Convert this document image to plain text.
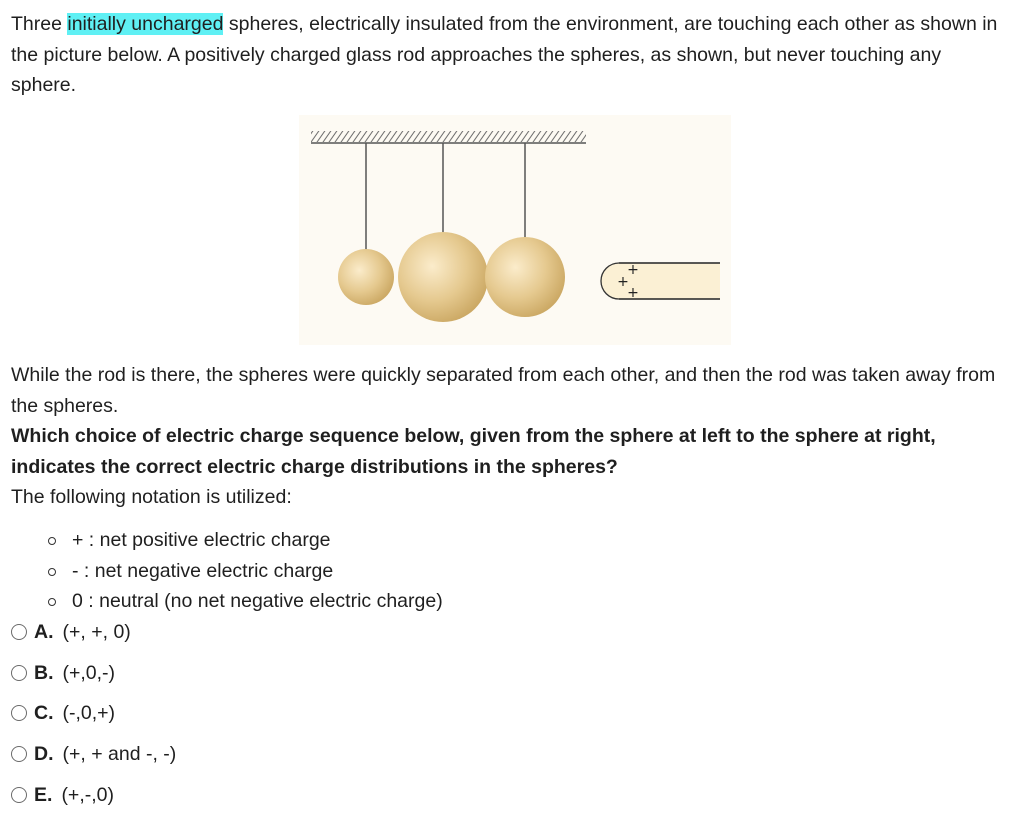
Three initially uncharged spheres, electrically insulated from the environment, are touching each other as shown in the picture below. A positively charged glass rod approaches the spheres, as shown, but never touching any sphere.

+
+
+
While the rod is there, the spheres were quickly separated from each other, and then the rod was taken away from the spheres.
Which choice of electric charge sequence below, given from the sphere at left to the sphere at right, indicates the correct electric charge distributions in the spheres?
The following notation is utilized:
+ : net positive electric charge
- : net negative electric charge
0 : neutral (no net negative electric charge)
A. (+, +, 0)
B. (+,0,-)
C. (-,0,+)
D. (+, + and -, -)
E. (+,-,0)
